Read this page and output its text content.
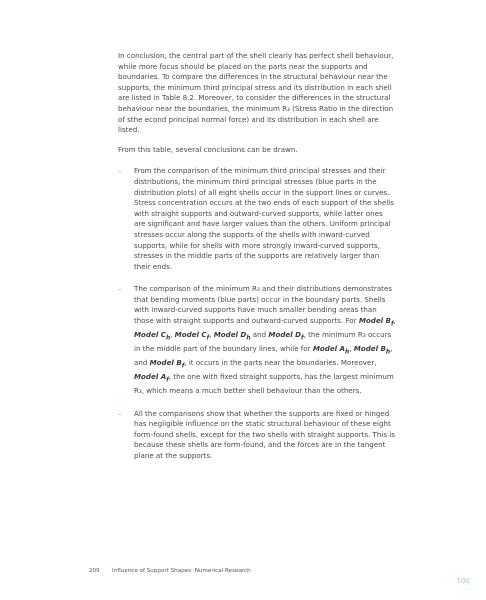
In conclusion, the central part of the shell clearly has perfect shell behaviour, while more focus should be placed on the parts near the supports and boundaries. To compare the differences in the structural behaviour near the supports, the minimum third principal stress and its distribution in each shell are listed in Table 8.2. Moreover, to consider the differences in the structural behaviour near the boundaries, the minimum R₃ (Stress Ratio in the direction of sthe econd principal normal force) and its distribution in each shell are listed.

From this table, several conclusions can be drawn.

– From the comparison of the minimum third principal stresses and their distributions, the minimum third principal stresses (blue parts in the distribution plots) of all eight shells occur in the support lines or curves. Stress concentration occurs at the two ends of each support of the shells with straight supports and outward-curved supports, while latter ones are significant and have larger values than the others. Uniform principal stresses occur along the supports of the shells with inward-curved supports, while for shells with more strongly inward-curved supports, stresses in the middle parts of the supports are relatively larger than their ends.
– The comparison of the minimum R₃ and their distributions demonstrates that bending moments (blue parts) occur in the boundary parts. Shells with inward-curved supports have much smaller bending areas than those with straight supports and outward-curved supports. For Model $B_f$, Model $C_h$, Model $C_f$, Model $D_h$ and Model $D_f$, the minimum R₃ occurs in the middle part of the boundary lines, while for Model $A_h$, Model $B_h$, and Model $B_f$, it occurs in the parts near the boundaries. Moreover, Model $A_f$, the one with fixed straight supports, has the largest minimum R₃, which means a much better shell behaviour than the others.
– All the comparisons show that whether the supports are fixed or hinged has negligible influence on the static structural behaviour of these eight form-found shells, except for the two shells with straight supports. This is because these shells are form-found, and the forces are in the tangent plane at the supports.
209 Influence of Support Shapes: Numerical Research
TOC
·····
